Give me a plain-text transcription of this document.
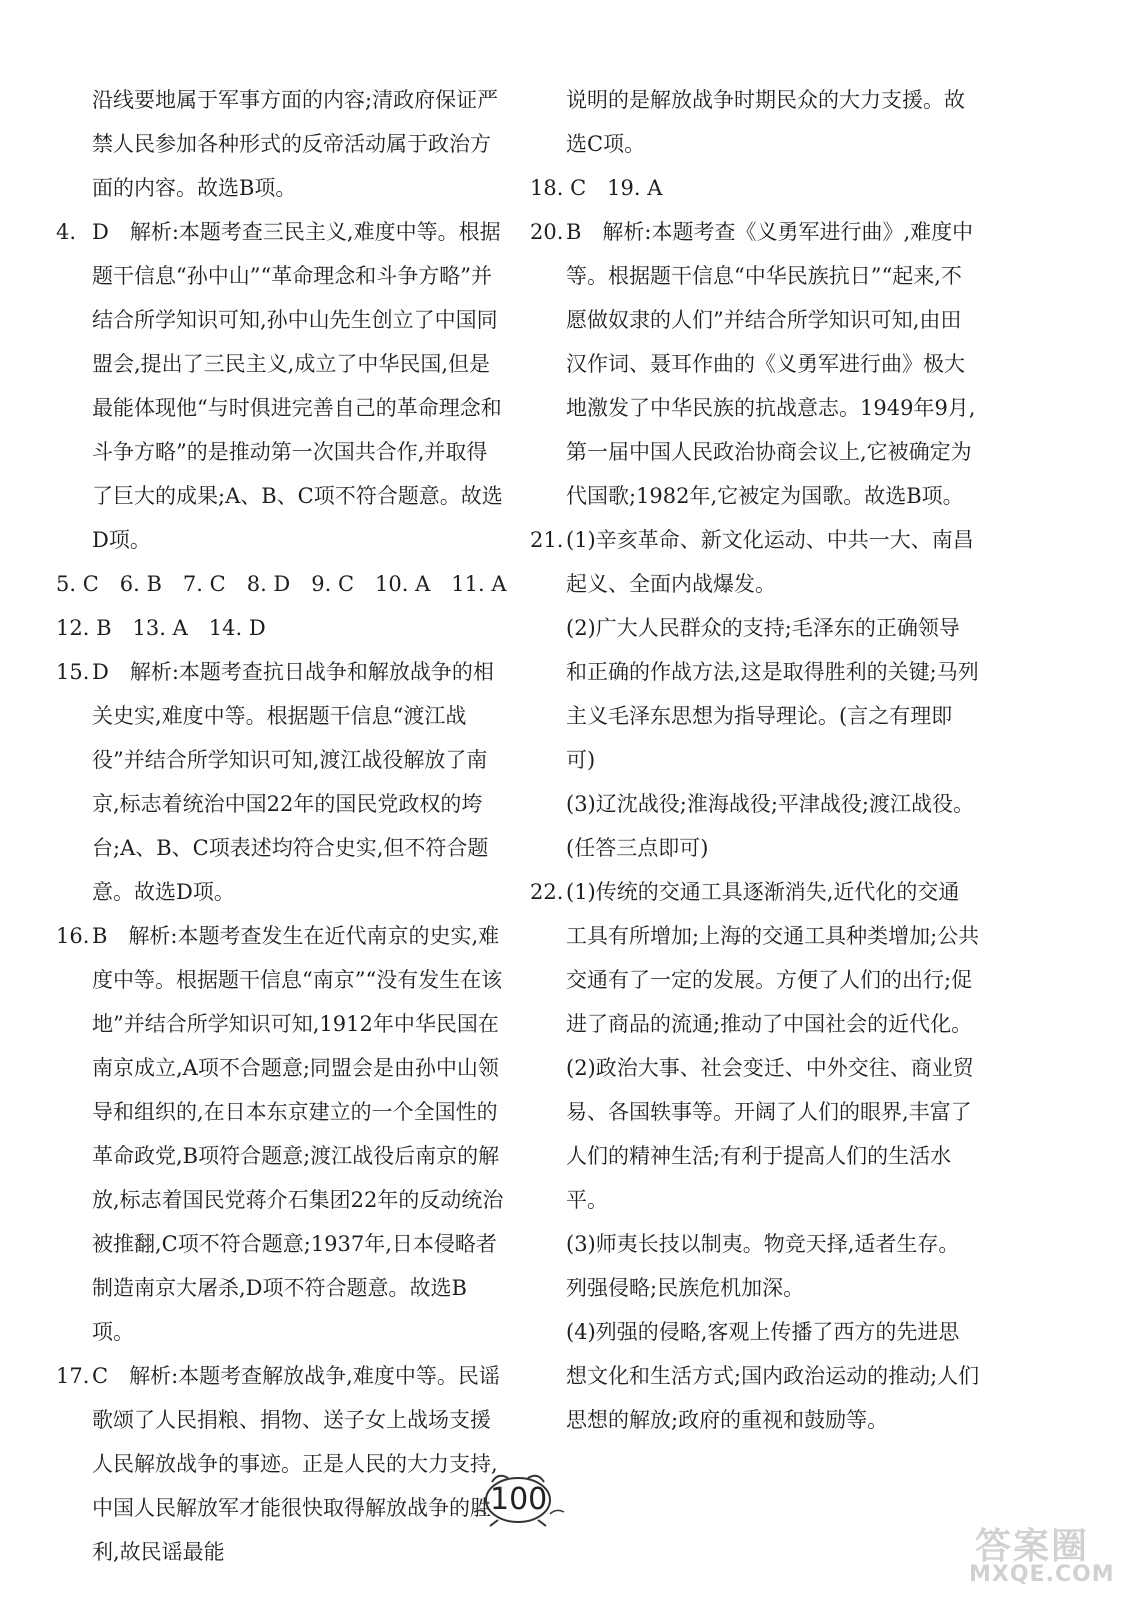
沿线要地属于军事方面的内容;清政府保证严禁人民参加各种形式的反帝活动属于政治方面的内容。故选B项。
4. D　解析:本题考查三民主义,难度中等。根据题干信息“孙中山”“革命理念和斗争方略”并结合所学知识可知,孙中山先生创立了中国同盟会,提出了三民主义,成立了中华民国,但是最能体现他“与时俱进完善自己的革命理念和斗争方略”的是推动第一次国共合作,并取得了巨大的成果;A、B、C项不符合题意。故选D项。
5. C　6. B　7. C　8. D　9. C　10. A　11. A
12. B　13. A　14. D
15. D　解析:本题考查抗日战争和解放战争的相关史实,难度中等。根据题干信息“渡江战役”并结合所学知识可知,渡江战役解放了南京,标志着统治中国22年的国民党政权的垮台;A、B、C项表述均符合史实,但不符合题意。故选D项。
16. B　解析:本题考查发生在近代南京的史实,难度中等。根据题干信息“南京”“没有发生在该地”并结合所学知识可知,1912年中华民国在南京成立,A项不合题意;同盟会是由孙中山领导和组织的,在日本东京建立的一个全国性的革命政党,B项符合题意;渡江战役后南京的解放,标志着国民党蒋介石集团22年的反动统治被推翻,C项不符合题意;1937年,日本侵略者制造南京大屠杀,D项不符合题意。故选B项。
17. C　解析:本题考查解放战争,难度中等。民谣歌颂了人民捐粮、捐物、送子女上战场支援人民解放战争的事迹。正是人民的大力支持,中国人民解放军才能很快取得解放战争的胜利,故民谣最能
说明的是解放战争时期民众的大力支援。故选C项。
18. C　19. A
20. B　解析:本题考查《义勇军进行曲》,难度中等。根据题干信息“中华民族抗日”“起来,不愿做奴隶的人们”并结合所学知识可知,由田汉作词、聂耳作曲的《义勇军进行曲》极大地激发了中华民族的抗战意志。1949年9月,第一届中国人民政治协商会议上,它被确定为代国歌;1982年,它被定为国歌。故选B项。
21. (1)辛亥革命、新文化运动、中共一大、南昌起义、全面内战爆发。
(2)广大人民群众的支持;毛泽东的正确领导和正确的作战方法,这是取得胜利的关键;马列主义毛泽东思想为指导理论。(言之有理即可)
(3)辽沈战役;淮海战役;平津战役;渡江战役。(任答三点即可)
22. (1)传统的交通工具逐渐消失,近代化的交通工具有所增加;上海的交通工具种类增加;公共交通有了一定的发展。方便了人们的出行;促进了商品的流通;推动了中国社会的近代化。
(2)政治大事、社会变迁、中外交往、商业贸易、各国轶事等。开阔了人们的眼界,丰富了人们的精神生活;有利于提高人们的生活水平。
(3)师夷长技以制夷。物竞天择,适者生存。列强侵略;民族危机加深。
(4)列强的侵略,客观上传播了西方的先进思想文化和生活方式;国内政治运动的推动;人们思想的解放;政府的重视和鼓励等。
100
答案圈
MXQE.COM
